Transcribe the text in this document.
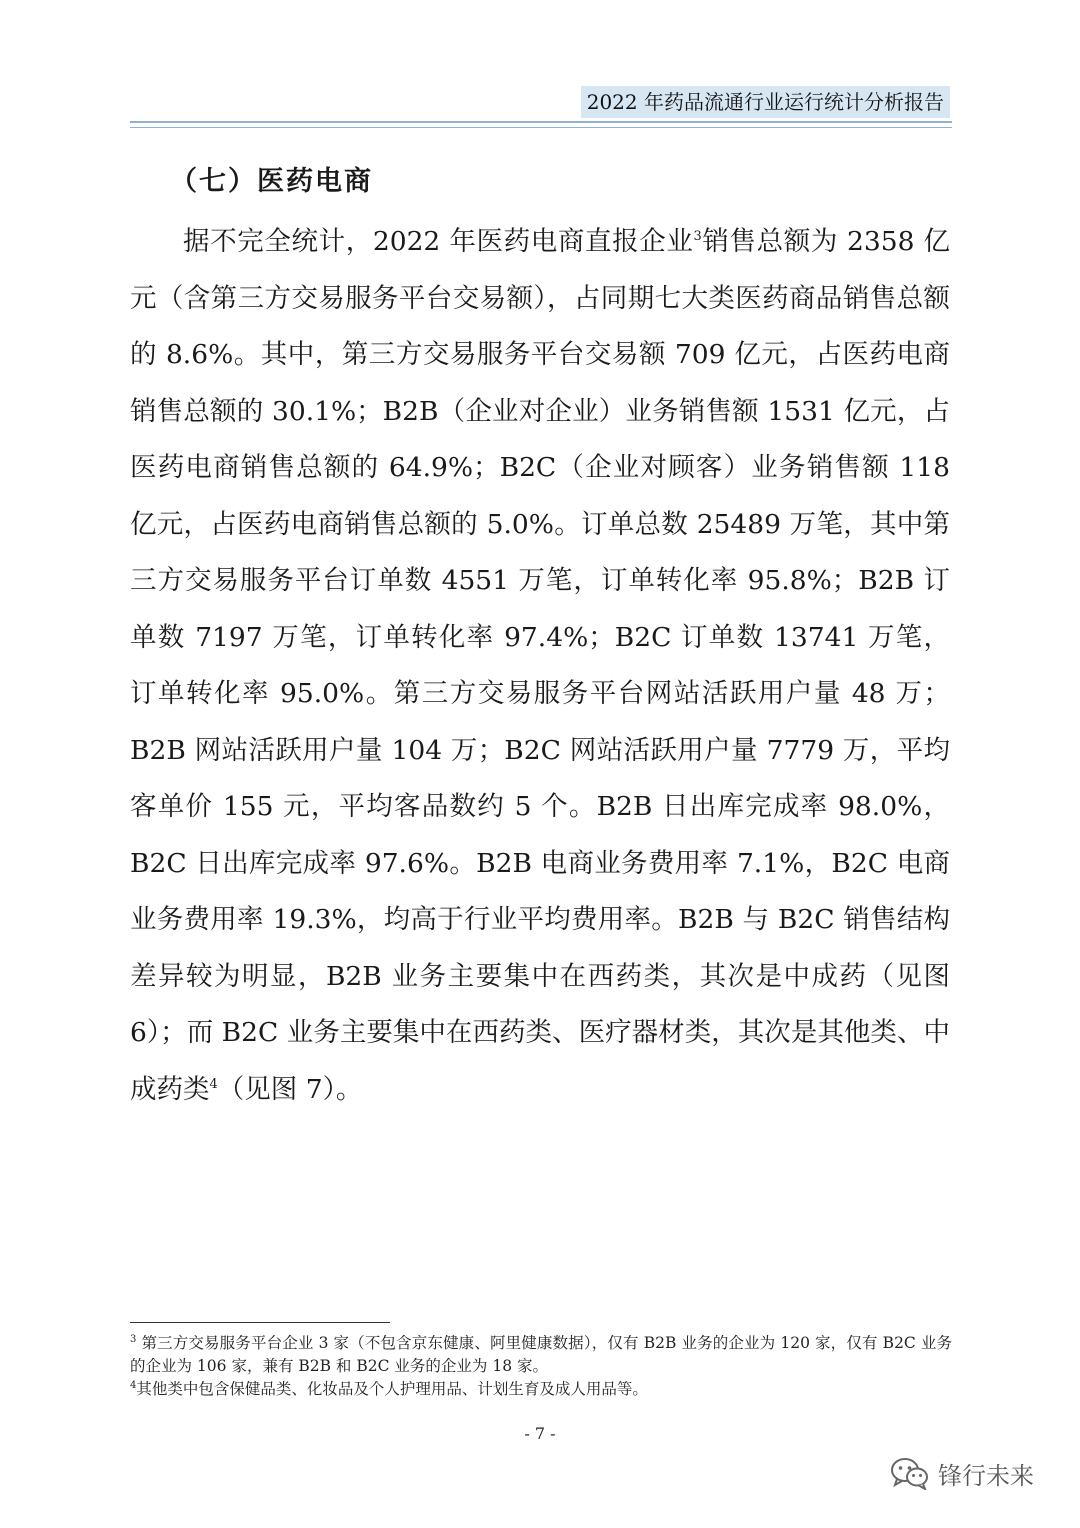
2022 年药品流通行业运行统计分析报告
（七）医药电商

据不完全统计，2022 年医药电商直报企业$^3$销售总额为 2358 亿元（含第三方交易服务平台交易额），占同期七大类医药商品销售总额的 8.6%。其中，第三方交易服务平台交易额 709 亿元，占医药电商销售总额的 30.1%；B2B（企业对企业）业务销售额 1531 亿元，占医药电商销售总额的 64.9%；B2C（企业对顾客）业务销售额 118 亿元，占医药电商销售总额的 5.0%。订单总数 25489 万笔，其中第三方交易服务平台订单数 4551 万笔，订单转化率 95.8%；B2B 订单数 7197 万笔，订单转化率 97.4%；B2C 订单数 13741 万笔，订单转化率 95.0%。第三方交易服务平台网站活跃用户量 48 万；B2B 网站活跃用户量 104 万；B2C 网站活跃用户量 7779 万，平均客单价 155 元，平均客品数约 5 个。B2B 日出库完成率 98.0%，B2C 日出库完成率 97.6%。B2B 电商业务费用率 7.1%，B2C 电商业务费用率 19.3%，均高于行业平均费用率。B2B 与 B2C 销售结构差异较为明显，B2B 业务主要集中在西药类，其次是中成药（见图 6）；而 B2C 业务主要集中在西药类、医疗器材类，其次是其他类、中成药类$^4$（见图 7）。

$^3$ 第三方交易服务平台企业 3 家（不包含京东健康、阿里健康数据），仅有 B2B 业务的企业为 120 家，仅有 B2C 业务的企业为 106 家，兼有 B2B 和 B2C 业务的企业为 18 家。

$^4$其他类中包含保健品类、化妆品及个人护理用品、计划生育及成人用品等。

- 7 -
锋行未来
